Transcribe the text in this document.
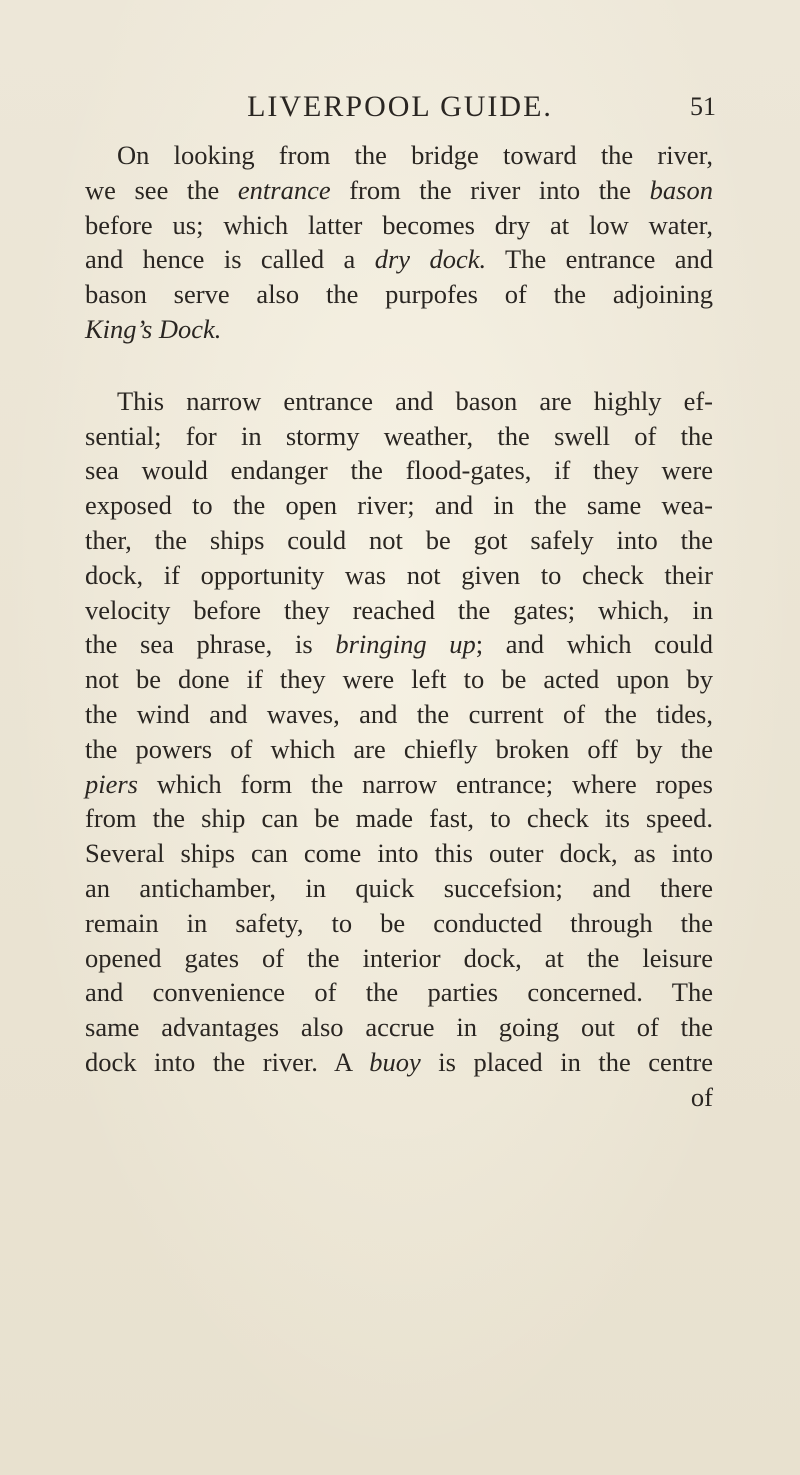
LIVERPOOL GUIDE.	51
On looking from the bridge toward the river,
we see the entrance from the river into the bason
before us; which latter becomes dry at low water,
and hence is called a dry dock. The entrance and
bason serve also the purpofes of the adjoining
King’s Dock.
This narrow entrance and bason are highly ef-
sential; for in stormy weather, the swell of the
sea would endanger the flood-gates, if they were
exposed to the open river; and in the same wea-
ther, the ships could not be got safely into the
dock, if opportunity was not given to check their
velocity before they reached the gates; which, in
the sea phrase, is bringing up; and which could
not be done if they were left to be acted upon by
the wind and waves, and the current of the tides,
the powers of which are chiefly broken off by the
piers which form the narrow entrance; where ropes
from the ship can be made fast, to check its speed.
Several ships can come into this outer dock, as into
an antichamber, in quick succefsion; and there
remain in safety, to be conducted through the
opened gates of the interior dock, at the leisure
and convenience of the parties concerned. The
same advantages also accrue in going out of the
dock into the river. A buoy is placed in the centre
of
